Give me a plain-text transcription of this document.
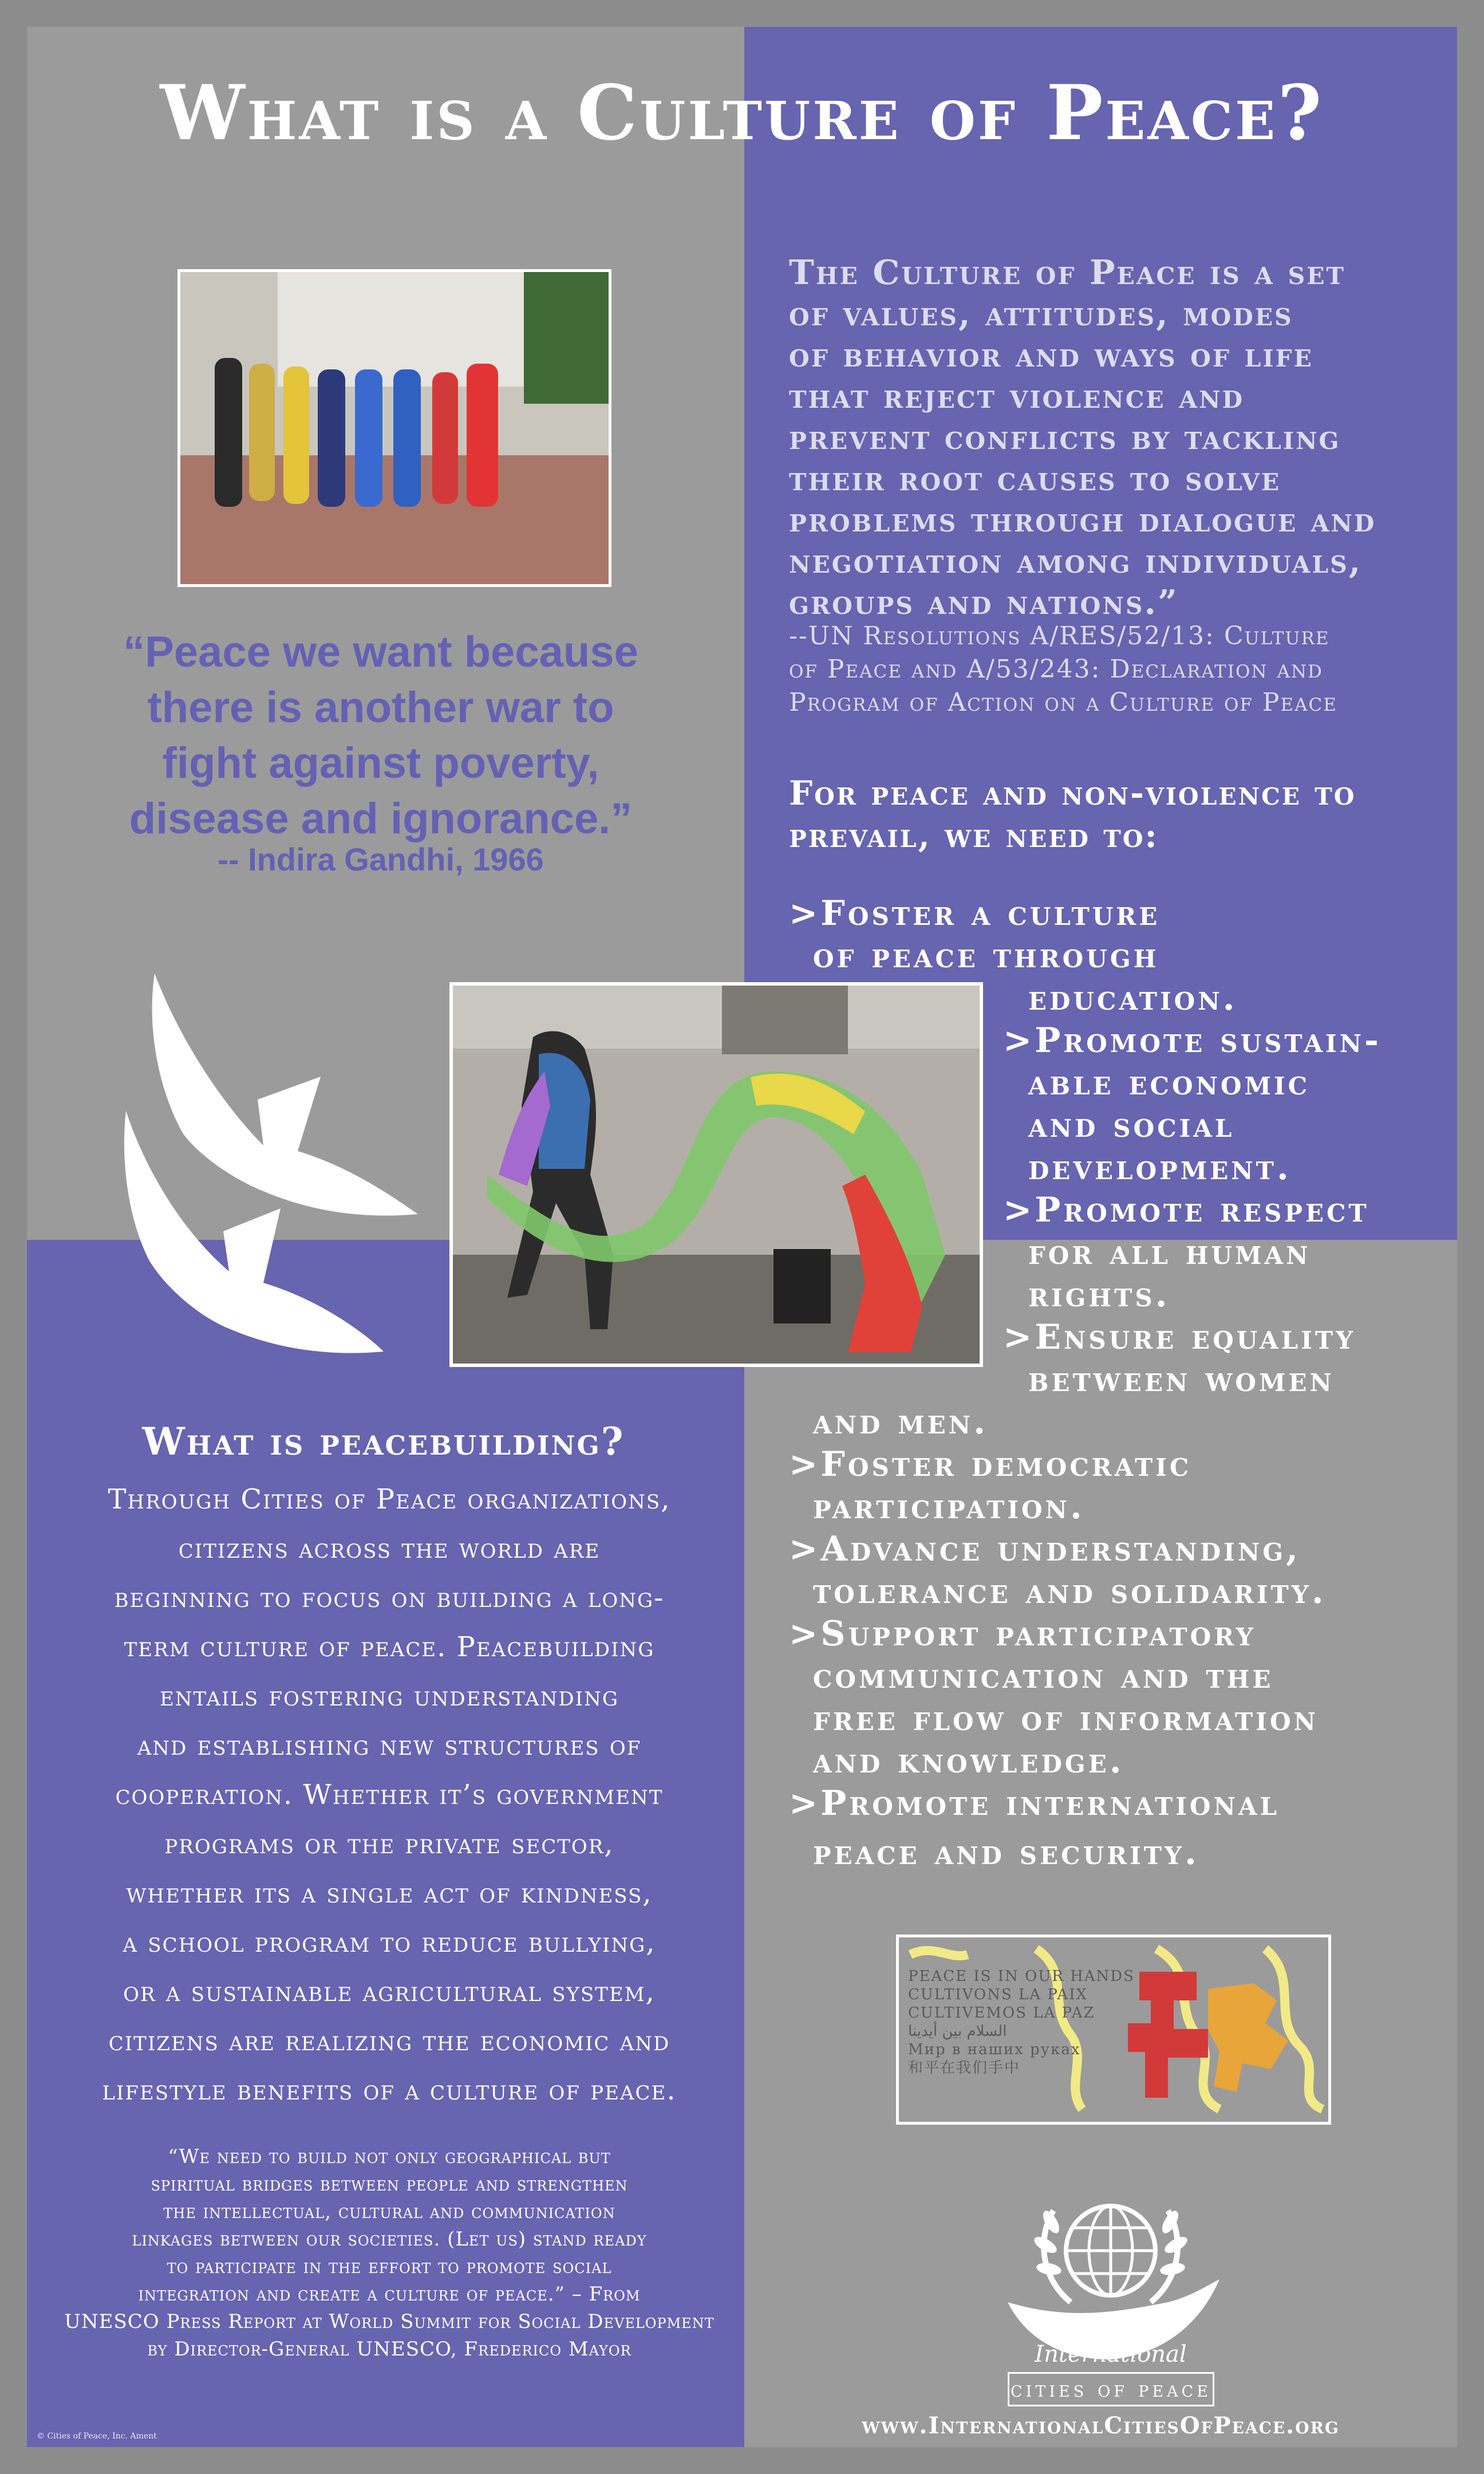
What is a Culture of Peace?
The Culture of Peace is a set
of values, attitudes, modes
of behavior and ways of life
that reject violence and
prevent conflicts by tackling
their root causes to solve
problems through dialogue and
negotiation among individuals,
groups and nations.”
--UN Resolutions A/RES/52/13: Culture
of Peace and A/53/243: Declaration and
Program of Action on a Culture of Peace
For peace and non-violence to
prevail, we need to:
>Foster a culture
of peace through
education.
>Promote sustain-
able economic
and social
development.
>Promote respect
for all human
rights.
>Ensure equality
between women
and men.
>Foster democratic
participation.
>Advance understanding,
tolerance and solidarity.
>Support participatory
communication and the
free flow of information
and knowledge.
>Promote international
peace and security.
“Peace we want because
there is another war to
fight against poverty,
disease and ignorance.”
-- Indira Gandhi, 1966
What is peacebuilding?
Through Cities of Peace organizations,
citizens across the world are
beginning to focus on building a long-
term culture of peace. Peacebuilding
entails fostering understanding
and establishing new structures of
cooperation. Whether it’s government
programs or the private sector,
whether its a single act of kindness,
a school program to reduce bullying,
or a sustainable agricultural system,
citizens are realizing the economic and
lifestyle benefits of a culture of peace.
“We need to build not only geographical but
spiritual bridges between people and strengthen
the intellectual, cultural and communication
linkages between our societies. (Let us) stand ready
to participate in the effort to promote social
integration and create a culture of peace.” – From
UNESCO Press Report at World Summit for Social Development
by Director-General UNESCO, Frederico Mayor
© Cities of Peace, Inc. Ament
PEACE IS IN OUR HANDS
CULTIVONS LA PAIX
CULTIVEMOS LA PAZ
السلام بين أيدينا
Мир в наших руках
和平在我们手中
International
cities of peace
www.InternationalCitiesOfPeace.org
